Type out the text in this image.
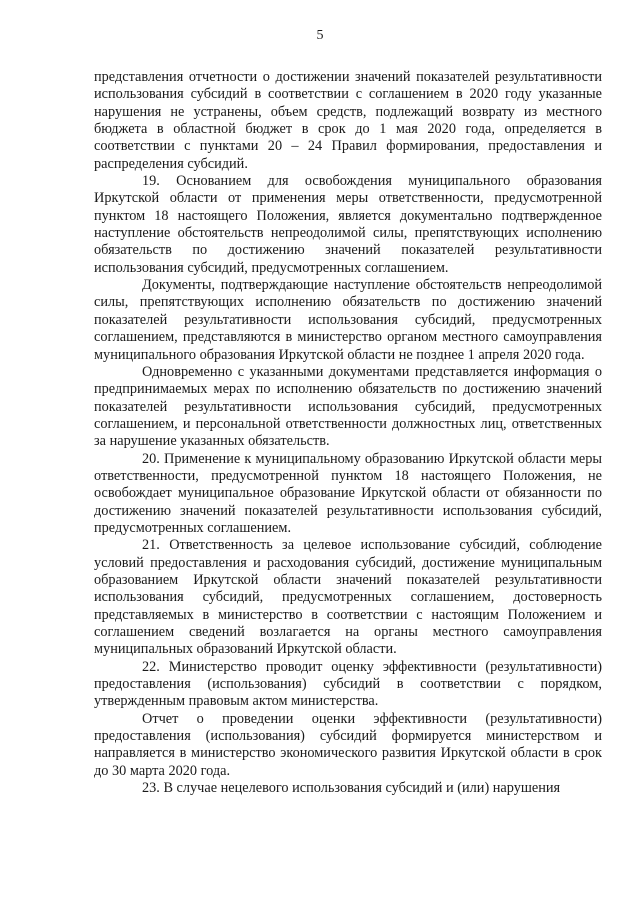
5

представления отчетности о достижении значений показателей результативности использования субсидий в соответствии с соглашением в 2020 году указанные нарушения не устранены, объем средств, подлежащий возврату из местного бюджета в областной бюджет в срок до 1 мая 2020 года, определяется в соответствии с пунктами 20 – 24 Правил формирования, предоставления и распределения субсидий.

19. Основанием для освобождения муниципального образования Иркутской области от применения меры ответственности, предусмотренной пунктом 18 настоящего Положения, является документально подтвержденное наступление обстоятельств непреодолимой силы, препятствующих исполнению обязательств по достижению значений показателей результативности использования субсидий, предусмотренных соглашением.

Документы, подтверждающие наступление обстоятельств непреодолимой силы, препятствующих исполнению обязательств по достижению значений показателей результативности использования субсидий, предусмотренных соглашением, представляются в министерство органом местного самоуправления муниципального образования Иркутской области не позднее 1 апреля 2020 года.

Одновременно с указанными документами представляется информация о предпринимаемых мерах по исполнению обязательств по достижению значений показателей результативности использования субсидий, предусмотренных соглашением, и персональной ответственности должностных лиц, ответственных за нарушение указанных обязательств.

20. Применение к муниципальному образованию Иркутской области меры ответственности, предусмотренной пунктом 18 настоящего Положения, не освобождает муниципальное образование Иркутской области от обязанности по достижению значений показателей результативности использования субсидий, предусмотренных соглашением.

21. Ответственность за целевое использование субсидий, соблюдение условий предоставления и расходования субсидий, достижение муниципальным образованием Иркутской области значений показателей результативности использования субсидий, предусмотренных соглашением, достоверность представляемых в министерство в соответствии с настоящим Положением и соглашением сведений возлагается на органы местного самоуправления муниципальных образований Иркутской области.

22. Министерство проводит оценку эффективности (результативности) предоставления (использования) субсидий в соответствии с порядком, утвержденным правовым актом министерства.

Отчет о проведении оценки эффективности (результативности) предоставления (использования) субсидий формируется министерством и направляется в министерство экономического развития Иркутской области в срок до 30 марта 2020 года.

23. В случае нецелевого использования субсидий и (или) нарушения
